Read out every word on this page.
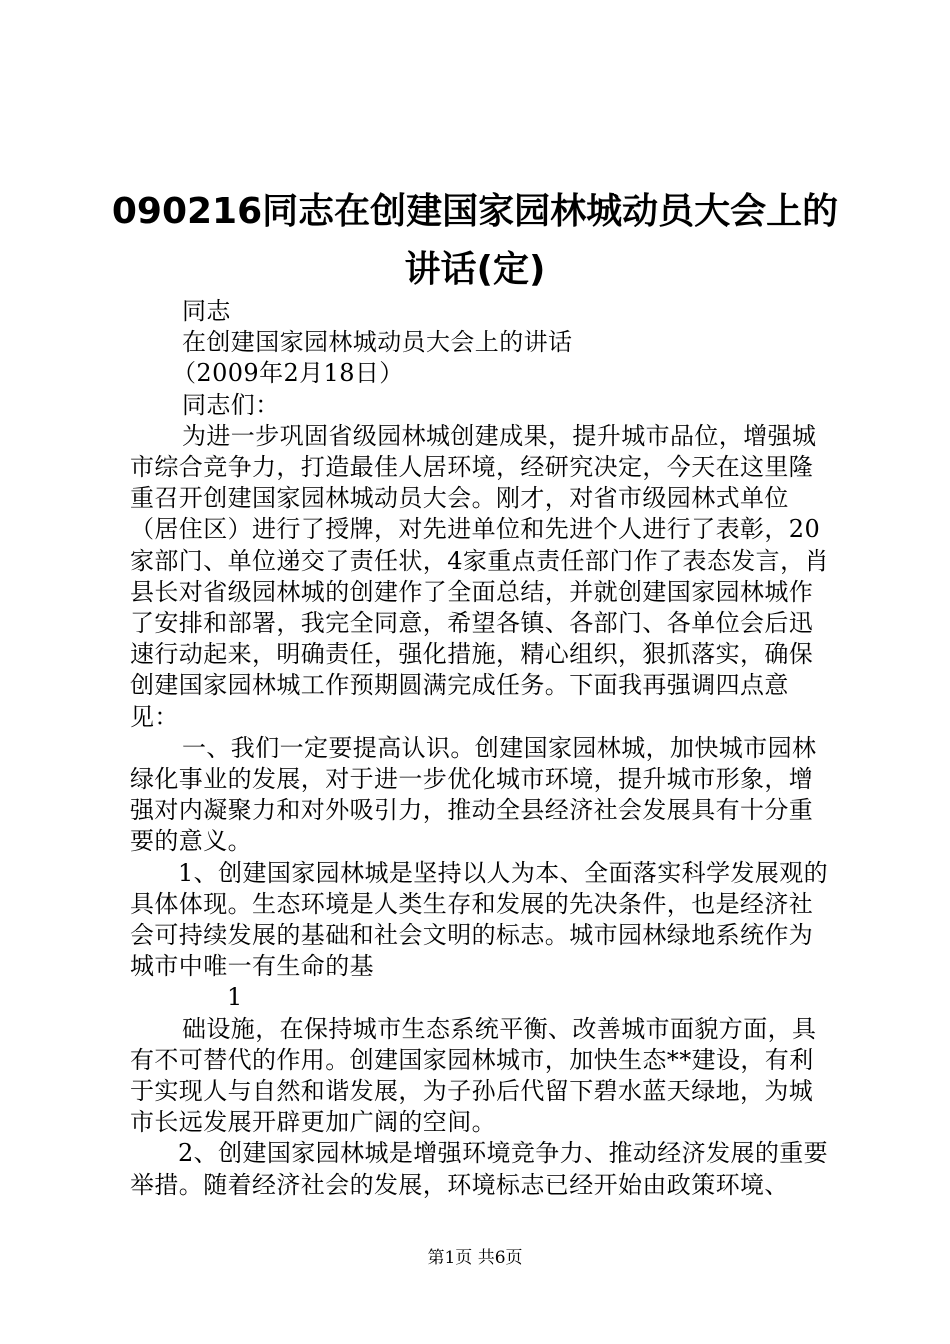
090216同志在创建国家园林城动员大会上的
讲话(定)

同志

在创建国家园林城动员大会上的讲话

（2009年2月18日）

同志们：

为进一步巩固省级园林城创建成果，提升城市品位，增强城市综合竞争力，打造最佳人居环境，经研究决定，今天在这里隆重召开创建国家园林城动员大会。刚才，对省市级园林式单位（居住区）进行了授牌，对先进单位和先进个人进行了表彰，20家部门、单位递交了责任状，4家重点责任部门作了表态发言，肖县长对省级园林城的创建作了全面总结，并就创建国家园林城作了安排和部署，我完全同意，希望各镇、各部门、各单位会后迅速行动起来，明确责任，强化措施，精心组织，狠抓落实，确保创建国家园林城工作预期圆满完成任务。下面我再强调四点意见：

一、我们一定要提高认识。创建国家园林城，加快城市园林绿化事业的发展，对于进一步优化城市环境，提升城市形象，增强对内凝聚力和对外吸引力，推动全县经济社会发展具有十分重要的意义。

1、创建国家园林城是坚持以人为本、全面落实科学发展观的具体体现。生态环境是人类生存和发展的先决条件，也是经济社会可持续发展的基础和社会文明的标志。城市园林绿地系统作为城市中唯一有生命的基

1

础设施，在保持城市生态系统平衡、改善城市面貌方面，具有不可替代的作用。创建国家园林城市，加快生态**建设，有利于实现人与自然和谐发展，为子孙后代留下碧水蓝天绿地，为城市长远发展开辟更加广阔的空间。

2、创建国家园林城是增强环境竞争力、推动经济发展的重要举措。随着经济社会的发展，环境标志已经开始由政策环境、

第1页 共6页
